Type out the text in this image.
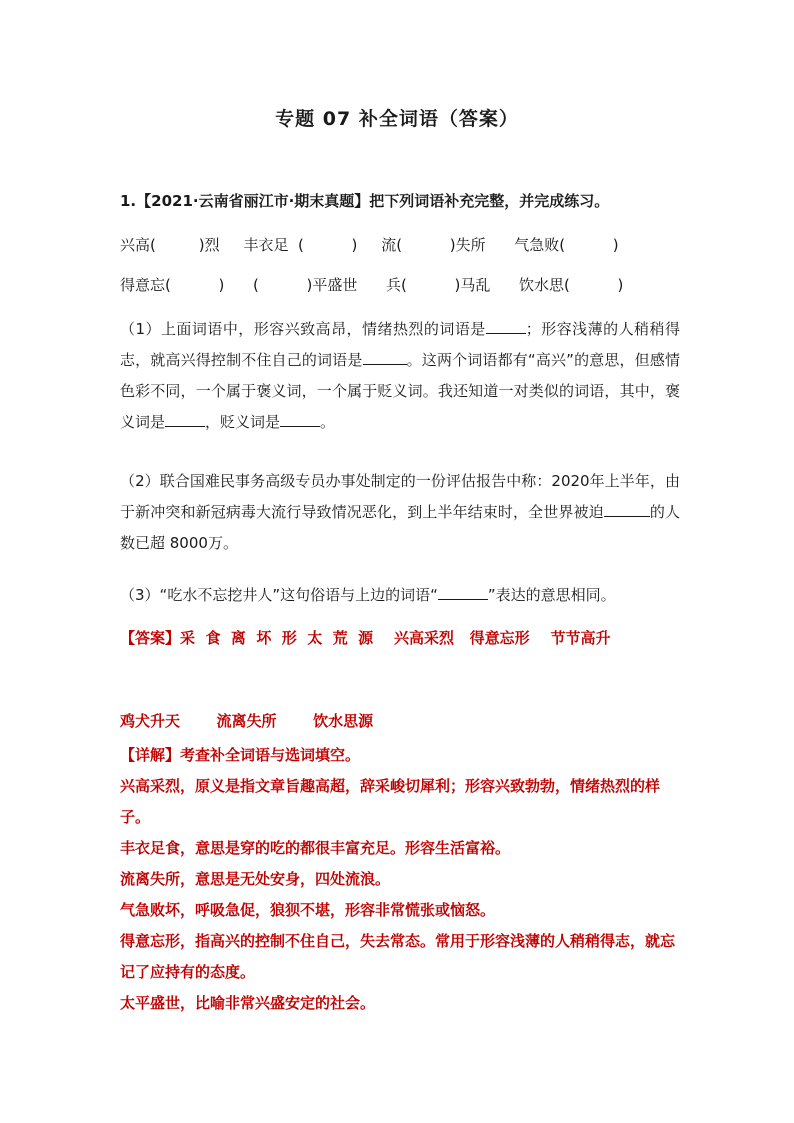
专题 07 补全词语（答案）
1.【2021·云南省丽江市·期末真题】把下列词语补充完整，并完成练习。
兴高(         )烈     丰衣足  (          )     流(          )失所      气急败(          )
得意忘(          )      (          )平盛世      兵(          )马乱      饮水思(          )
（1）上面词语中，形容兴致高昂，情绪热烈的词语是	；形容浅薄的人稍稍得志，就高兴得控制不住自己的词语是	。这两个词语都有“高兴”的意思，但感情色彩不同，一个属于褒义词，一个属于贬义词。我还知道一对类似的词语，其中，褒义词是	，贬义词是	。
（2）联合国难民事务高级专员办事处制定的一份评估报告中称：2020年上半年，由于新冲突和新冠病毒大流行导致情况恶化，到上半年结束时，全世界被迫	的人数已超 8000万。
（3）“吃水不忘挖井人”这句俗语与上边的词语“	”表达的意思相同。
【答案】采  食  离  坏  形  太  荒  源    兴高采烈   得意忘形    节节高升
鸡犬升天       流离失所       饮水思源
【详解】考查补全词语与选词填空。
兴高采烈，原义是指文章旨趣高超，辞采峻切犀利；形容兴致勃勃，情绪热烈的样子。
丰衣足食，意思是穿的吃的都很丰富充足。形容生活富裕。
流离失所，意思是无处安身，四处流浪。
气急败坏，呼吸急促，狼狈不堪，形容非常慌张或恼怒。
得意忘形，指高兴的控制不住自己，失去常态。常用于形容浅薄的人稍稍得志，就忘记了应持有的态度。
太平盛世，比喻非常兴盛安定的社会。
